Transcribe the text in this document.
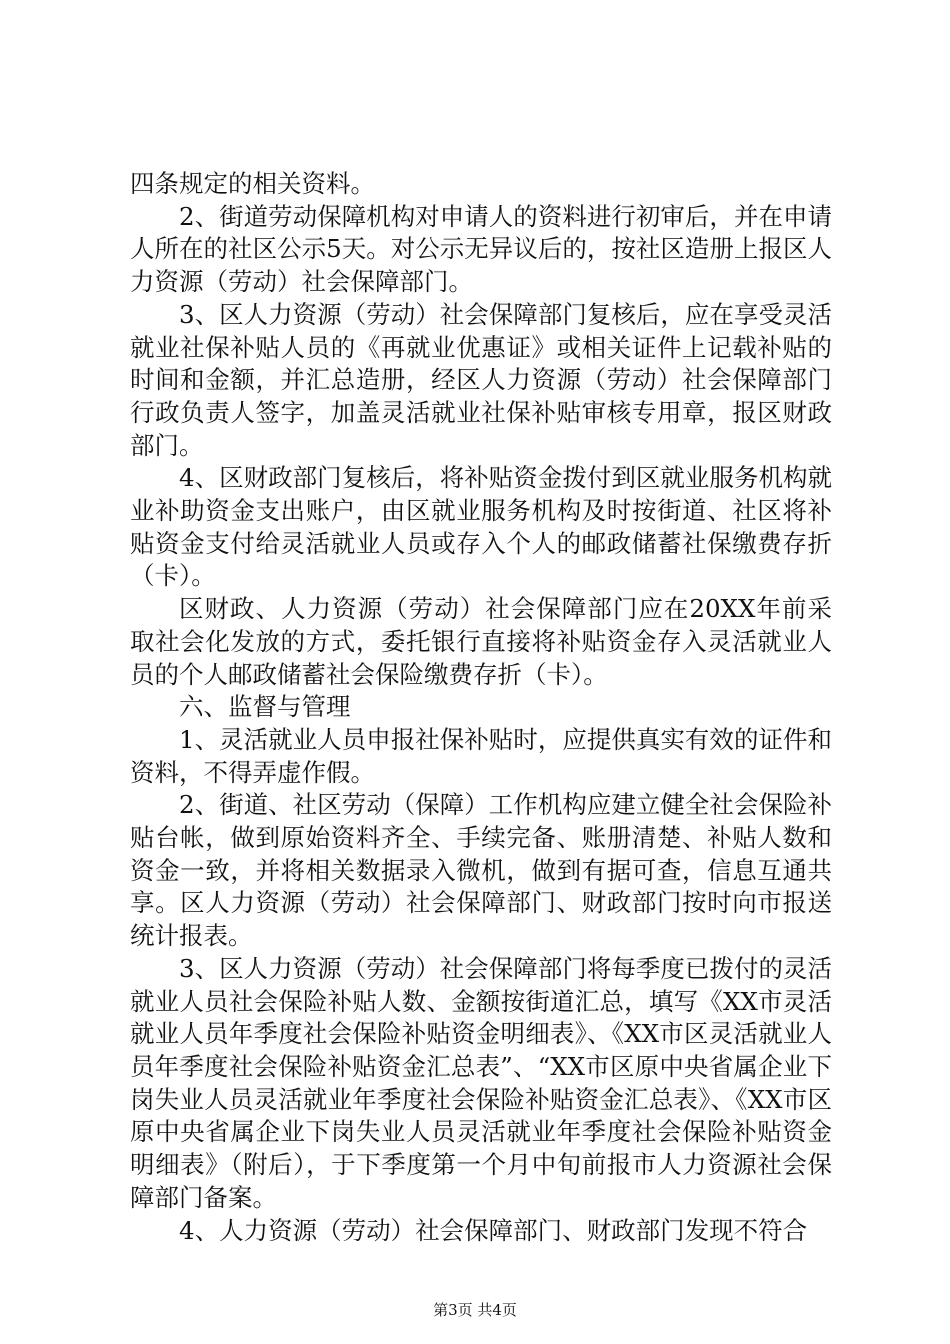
四条规定的相关资料。

2、街道劳动保障机构对申请人的资料进行初审后，并在申请人所在的社区公示5天。对公示无异议后的，按社区造册上报区人力资源（劳动）社会保障部门。

3、区人力资源（劳动）社会保障部门复核后，应在享受灵活就业社保补贴人员的《再就业优惠证》或相关证件上记载补贴的时间和金额，并汇总造册，经区人力资源（劳动）社会保障部门行政负责人签字，加盖灵活就业社保补贴审核专用章，报区财政部门。

4、区财政部门复核后，将补贴资金拨付到区就业服务机构就业补助资金支出账户，由区就业服务机构及时按街道、社区将补贴资金支付给灵活就业人员或存入个人的邮政储蓄社保缴费存折（卡）。

区财政、人力资源（劳动）社会保障部门应在20XX年前采取社会化发放的方式，委托银行直接将补贴资金存入灵活就业人员的个人邮政储蓄社会保险缴费存折（卡）。

六、监督与管理

1、灵活就业人员申报社保补贴时，应提供真实有效的证件和资料，不得弄虚作假。

2、街道、社区劳动（保障）工作机构应建立健全社会保险补贴台帐，做到原始资料齐全、手续完备、账册清楚、补贴人数和资金一致，并将相关数据录入微机，做到有据可查，信息互通共享。区人力资源（劳动）社会保障部门、财政部门按时向市报送统计报表。

3、区人力资源（劳动）社会保障部门将每季度已拨付的灵活就业人员社会保险补贴人数、金额按街道汇总，填写《XX市灵活就业人员年季度社会保险补贴资金明细表》、《XX市区灵活就业人员年季度社会保险补贴资金汇总表”、“XX市区原中央省属企业下岗失业人员灵活就业年季度社会保险补贴资金汇总表》、《XX市区原中央省属企业下岗失业人员灵活就业年季度社会保险补贴资金明细表》（附后），于下季度第一个月中旬前报市人力资源社会保障部门备案。

4、人力资源（劳动）社会保障部门、财政部门发现不符合

第3页 共4页
